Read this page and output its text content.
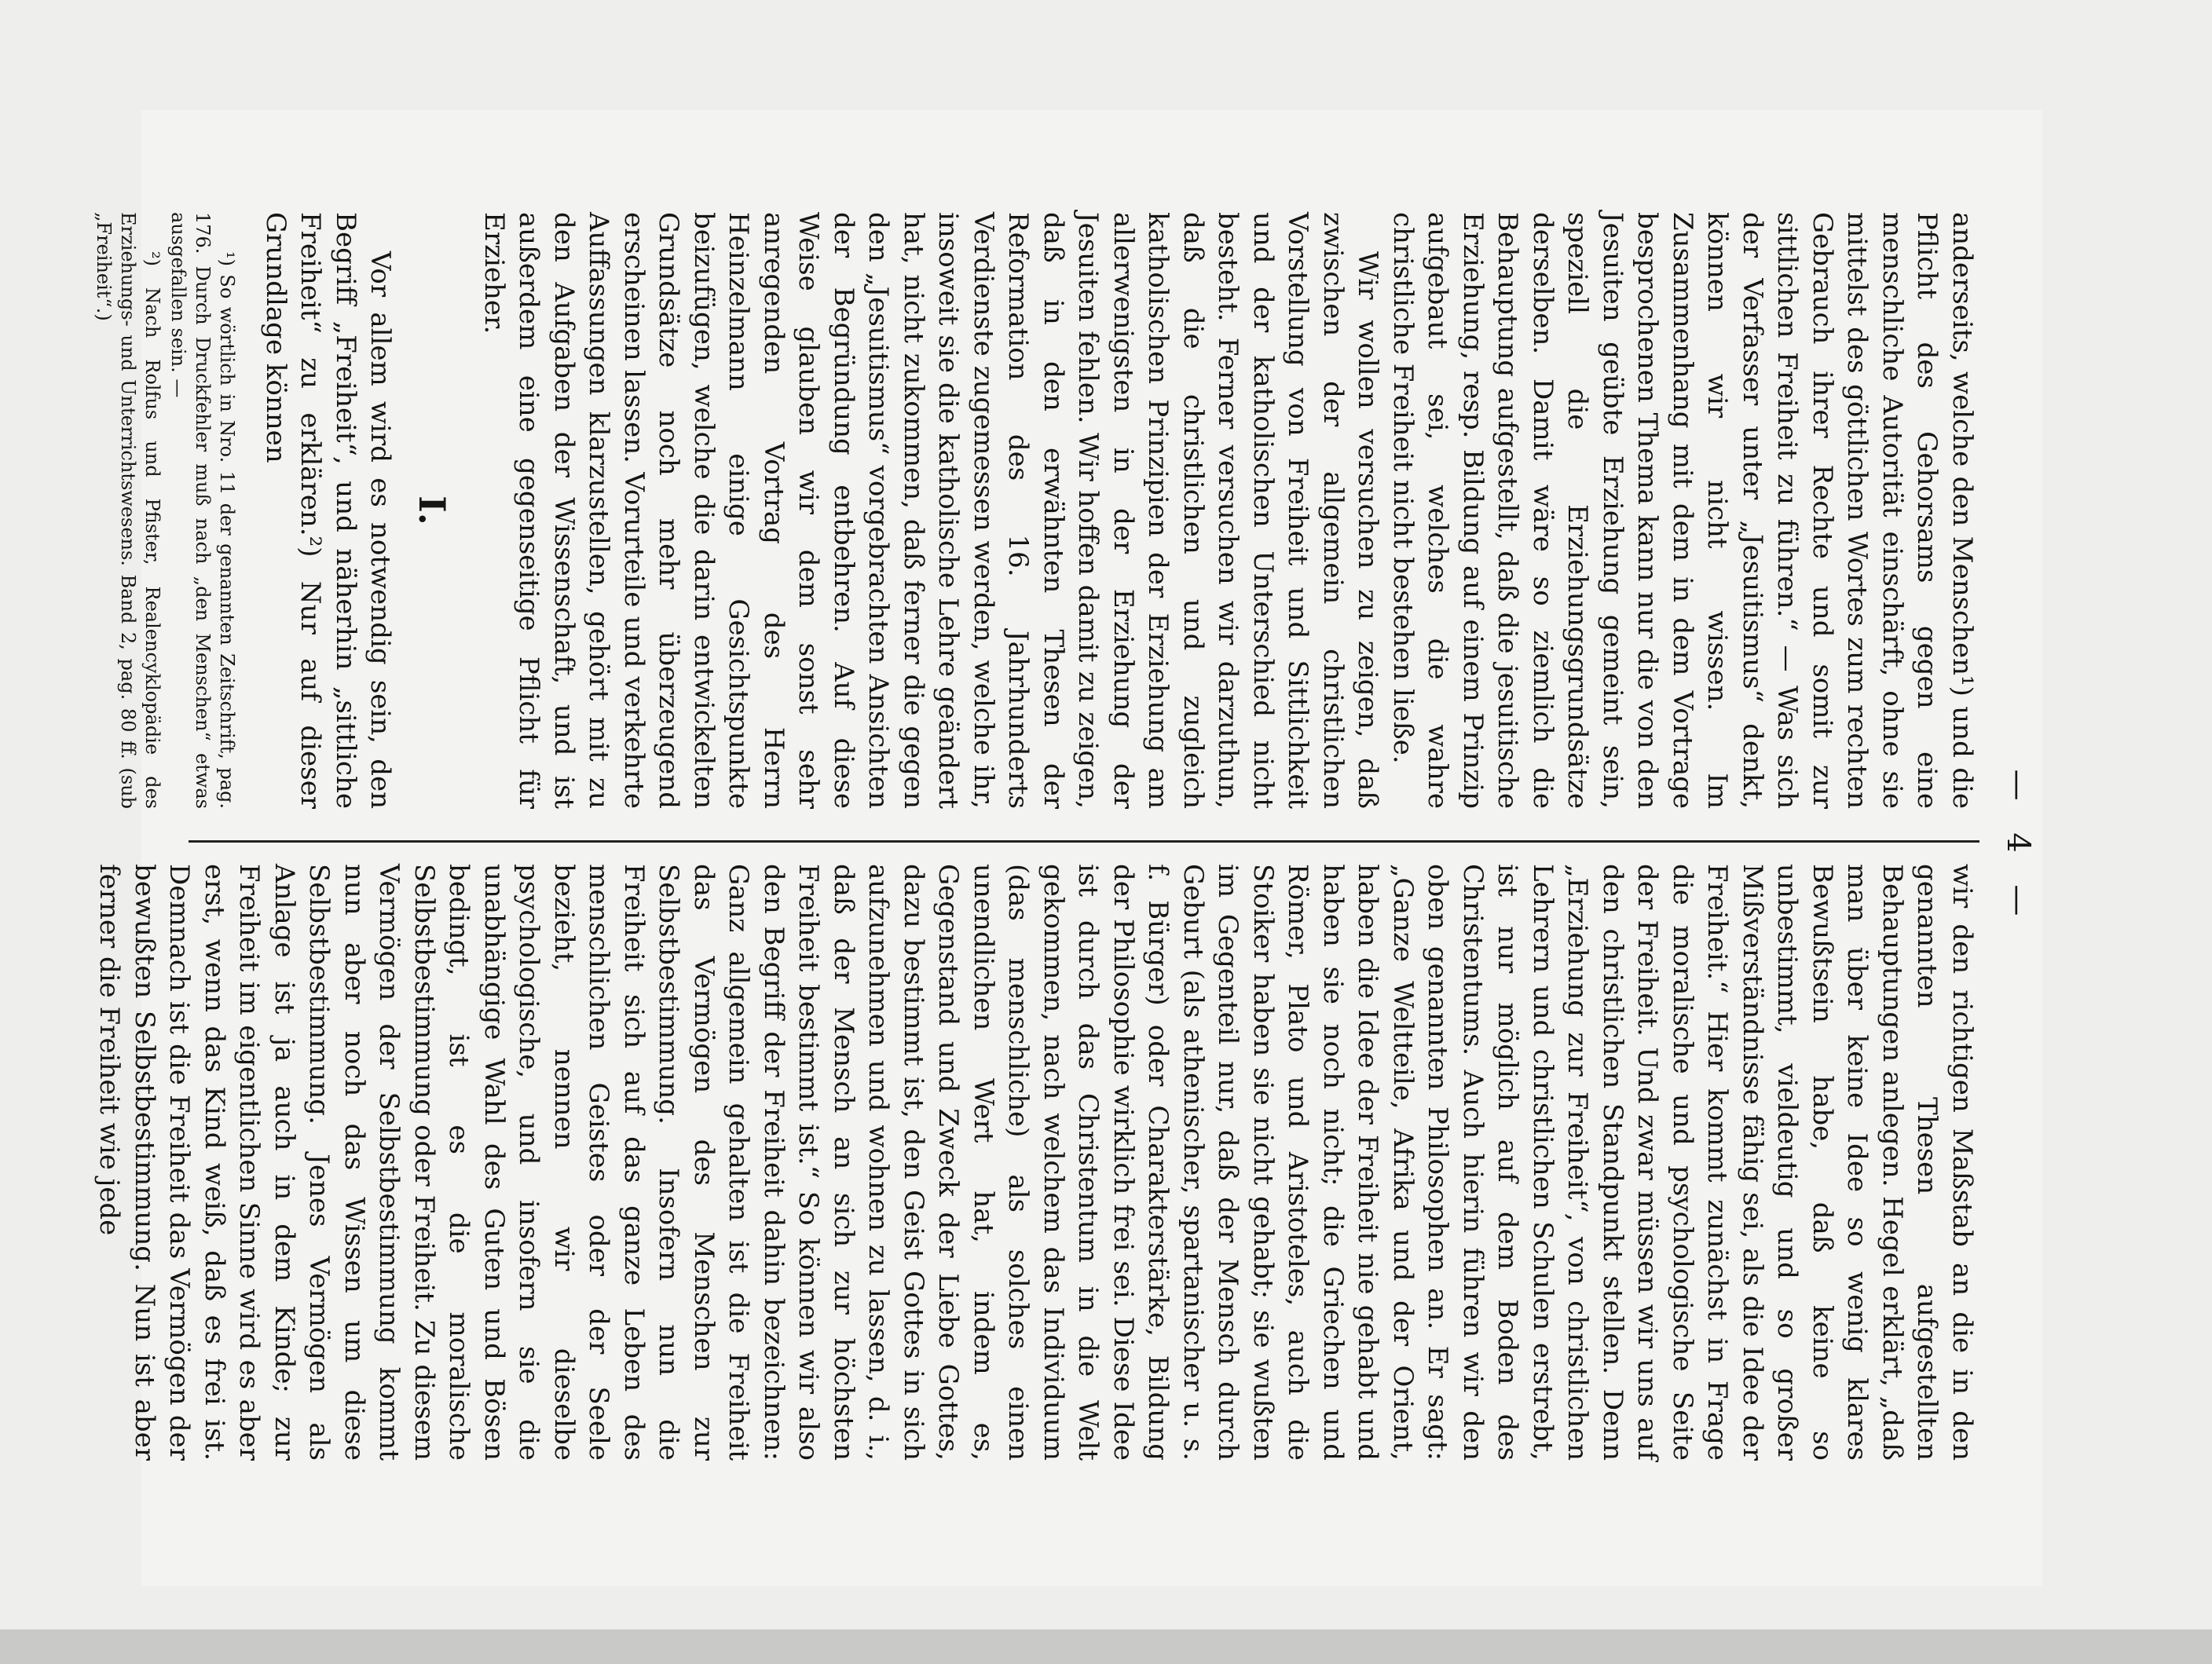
— 4 —

anderseits, welche den Menschen¹) und die Pflicht des Gehorsams gegen eine menschliche Autorität einschärft, ohne sie mittelst des göttlichen Wortes zum rechten Gebrauch ihrer Rechte und somit zur sittlichen Freiheit zu führen.“ — Was sich der Verfasser unter „Jesuitismus“ denkt, können wir nicht wissen. Im Zusammenhang mit dem in dem Vortrage besprochenen Thema kann nur die von den Jesuiten geübte Erziehung gemeint sein, speziell die Erziehungsgrundsätze derselben. Damit wäre so ziemlich die Behauptung aufgestellt, daß die jesuitische Erziehung, resp. Bildung auf einem Prinzip aufgebaut sei, welches die wahre christliche Freiheit nicht bestehen ließe.

Wir wollen versuchen zu zeigen, daß zwischen der allgemein christlichen Vorstellung von Freiheit und Sittlichkeit und der katholischen Unterschied nicht besteht. Ferner versuchen wir darzuthun, daß die christlichen und zugleich katholischen Prinzipien der Erziehung am allerwenigsten in der Erziehung der Jesuiten fehlen. Wir hoffen damit zu zeigen, daß in den erwähnten Thesen der Reformation des 16. Jahrhunderts Verdienste zugemessen werden, welche ihr, insoweit sie die katholische Lehre geändert hat, nicht zukommen, daß ferner die gegen den „Jesuitismus“ vorgebrachten Ansichten der Begründung entbehren. Auf diese Weise glauben wir dem sonst sehr anregenden Vortrag des Herrn Heinzelmann einige Gesichtspunkte beizufügen, welche die darin entwickelten Grundsätze noch mehr überzeugend erscheinen lassen. Vorurteile und verkehrte Auffassungen klarzustellen, gehört mit zu den Aufgaben der Wissenschaft, und ist außerdem eine gegenseitige Pflicht für Erzieher.

I.

Vor allem wird es notwendig sein, den Begriff „Freiheit“, und näherhin „sittliche Freiheit“ zu erklären.²) Nur auf dieser Grundlage können

¹) So wörtlich in Nro. 11 der genannten Zeitschrift, pag. 176. Durch Druckfehler muß nach „den Menschen“ etwas ausgefallen sein. —

²) Nach Rolfus und Pfister, Realencyklopädie des Erziehungs- und Unterrichtswesens. Band 2, pag. 80 ff. (sub „Freiheit“.)

wir den richtigen Maßstab an die in den genannten Thesen aufgestellten Behauptungen anlegen. Hegel erklärt, „daß man über keine Idee so wenig klares Bewußtsein habe, daß keine so unbestimmt, vieldeutig und so großer Mißverständnisse fähig sei, als die Idee der Freiheit.“ Hier kommt zunächst in Frage die moralische und psychologische Seite der Freiheit. Und zwar müssen wir uns auf den christlichen Standpunkt stellen. Denn „Erziehung zur Freiheit“, von christlichen Lehrern und christlichen Schulen erstrebt, ist nur möglich auf dem Boden des Christentums. Auch hierin führen wir den oben genannten Philosophen an. Er sagt: „Ganze Weltteile, Afrika und der Orient, haben die Idee der Freiheit nie gehabt und haben sie noch nicht; die Griechen und Römer, Plato und Aristoteles, auch die Stoiker haben sie nicht gehabt; sie wußten im Gegenteil nur, daß der Mensch durch Geburt (als athenischer, spartanischer u. s. f. Bürger) oder Charakterstärke, Bildung der Philosophie wirklich frei sei. Diese Idee ist durch das Christentum in die Welt gekommen, nach welchem das Individuum (das menschliche) als solches einen unendlichen Wert hat, indem es, Gegenstand und Zweck der Liebe Gottes, dazu bestimmt ist, den Geist Gottes in sich aufzunehmen und wohnen zu lassen, d. i., daß der Mensch an sich zur höchsten Freiheit bestimmt ist.“ So können wir also den Begriff der Freiheit dahin bezeichnen: Ganz allgemein gehalten ist die Freiheit das Vermögen des Menschen zur Selbstbestimmung. Insofern nun die Freiheit sich auf das ganze Leben des menschlichen Geistes oder der Seele bezieht, nennen wir dieselbe psychologische, und insofern sie die unabhängige Wahl des Guten und Bösen bedingt, ist es die moralische Selbstbestimmung oder Freiheit. Zu diesem Vermögen der Selbstbestimmung kommt nun aber noch das Wissen um diese Selbstbestimmung. Jenes Vermögen als Anlage ist ja auch in dem Kinde; zur Freiheit im eigentlichen Sinne wird es aber erst, wenn das Kind weiß, daß es frei ist. Demnach ist die Freiheit das Vermögen der bewußten Selbstbestimmung. Nun ist aber ferner die Freiheit wie jede
